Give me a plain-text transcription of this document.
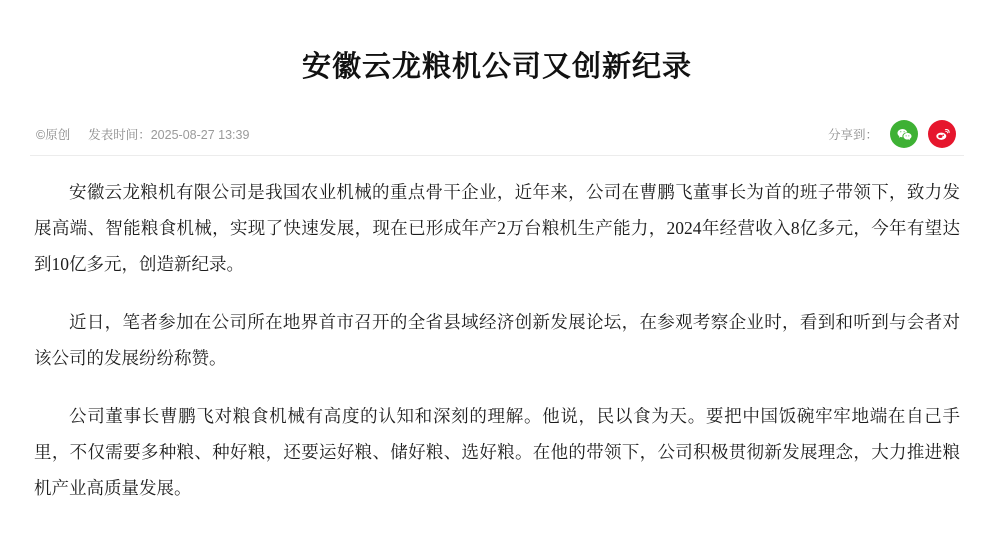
安徽云龙粮机公司又创新纪录
©原创 发表时间：2025-08-27 13:39	分享到：

安徽云龙粮机有限公司是我国农业机械的重点骨干企业，近年来，公司在曹鹏飞董事长为首的班子带领下，致力发展高端、智能粮食机械，实现了快速发展，现在已形成年产2万台粮机生产能力，2024年经营收入8亿多元，今年有望达到10亿多元，创造新纪录。

近日，笔者参加在公司所在地界首市召开的全省县域经济创新发展论坛，在参观考察企业时，看到和听到与会者对该公司的发展纷纷称赞。

公司董事长曹鹏飞对粮食机械有高度的认知和深刻的理解。他说，民以食为天。要把中国饭碗牢牢地端在自己手里，不仅需要多种粮、种好粮，还要运好粮、储好粮、选好粮。在他的带领下，公司积极贯彻新发展理念，大力推进粮机产业高质量发展。
